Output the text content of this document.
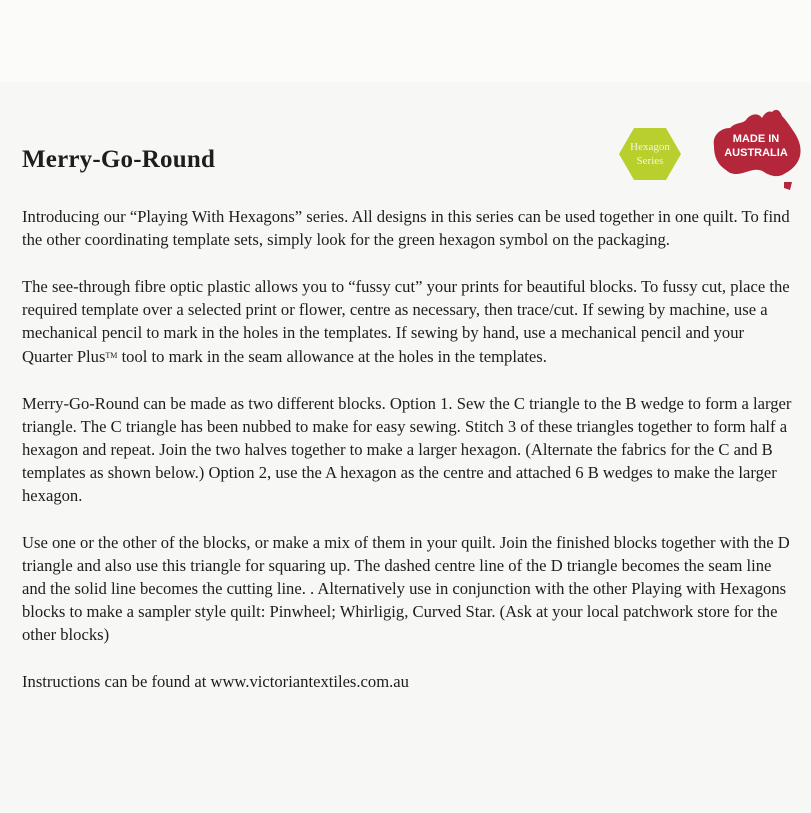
Merry-Go-Round	Hexagon
Series
MADE IN
AUSTRALIA

Introducing our “Playing With Hexagons” series. All designs in this series can be used together in one quilt. To find the other coordinating template sets, simply look for the green hexagon symbol on the packaging.

The see-through fibre optic plastic allows you to “fussy cut” your prints for beautiful blocks. To fussy cut, place the required template over a selected print or flower, centre as necessary, then trace/cut. If sewing by machine, use a mechanical pencil to mark in the holes in the templates. If sewing by hand, use a mechanical pencil and your Quarter Plus™ tool to mark in the seam allowance at the holes in the templates.

Merry-Go-Round can be made as two different blocks. Option 1. Sew the C triangle to the B wedge to form a larger triangle. The C triangle has been nubbed to make for easy sewing. Stitch 3 of these triangles together to form half a hexagon and repeat. Join the two halves together to make a larger hexagon. (Alternate the fabrics for the C and B templates as shown below.) Option 2, use the A hexagon as the centre and attached 6 B wedges to make the larger hexagon.

Use one or the other of the blocks, or make a mix of them in your quilt. Join the finished blocks together with the D triangle and also use this triangle for squaring up. The dashed centre line of the D triangle becomes the seam line and the solid line becomes the cutting line. . Alternatively use in conjunction with the other Playing with Hexagons blocks to make a sampler style quilt: Pinwheel; Whirligig, Curved Star. (Ask at your local patchwork store for the other blocks)

Instructions can be found at www.victoriantextiles.com.au
